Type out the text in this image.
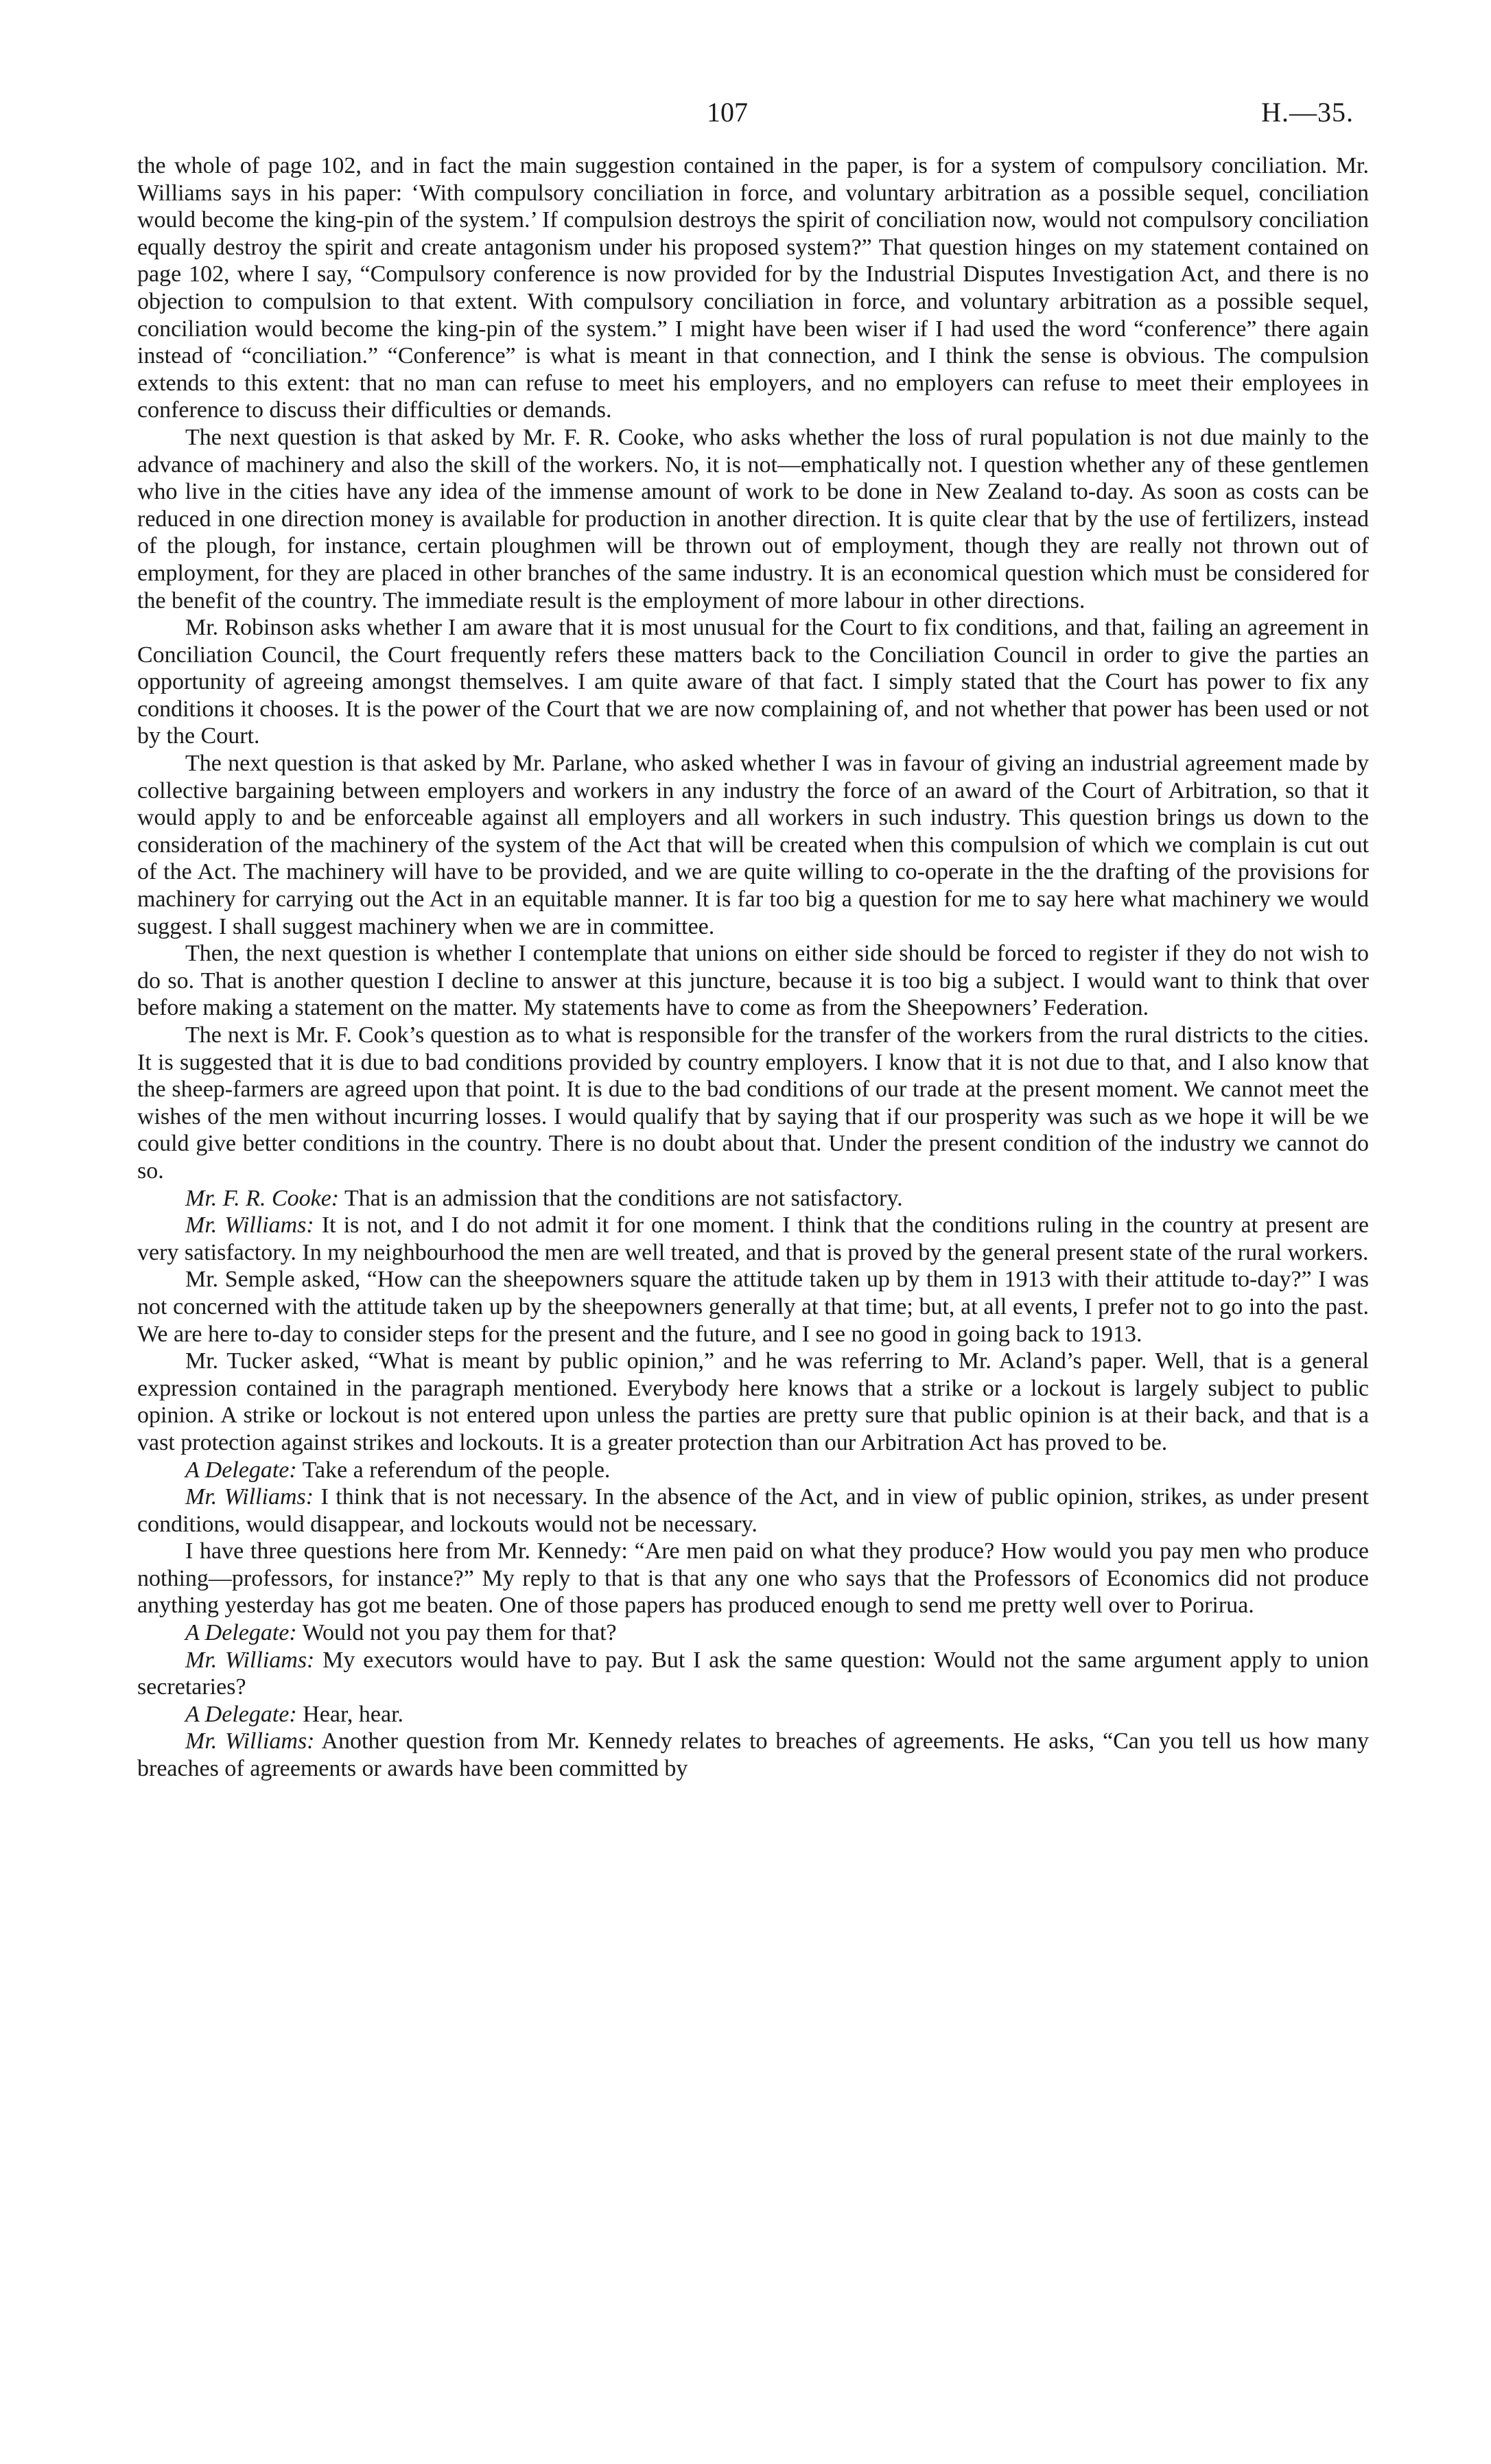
107	H.—35.

the whole of page 102, and in fact the main suggestion contained in the paper, is for a system of compulsory conciliation. Mr. Williams says in his paper: ‘With compulsory conciliation in force, and voluntary arbitration as a possible sequel, conciliation would become the king-pin of the system.’ If compulsion destroys the spirit of conciliation now, would not compulsory conciliation equally destroy the spirit and create antagonism under his proposed system?” That question hinges on my statement contained on page 102, where I say, “Compulsory conference is now provided for by the Industrial Disputes Investigation Act, and there is no objection to compulsion to that extent. With compulsory conciliation in force, and voluntary arbitration as a possible sequel, conciliation would become the king-pin of the system.” I might have been wiser if I had used the word “conference” there again instead of “conciliation.” “Conference” is what is meant in that connection, and I think the sense is obvious. The compulsion extends to this extent: that no man can refuse to meet his employers, and no employers can refuse to meet their employees in conference to discuss their difficulties or demands.

The next question is that asked by Mr. F. R. Cooke, who asks whether the loss of rural population is not due mainly to the advance of machinery and also the skill of the workers. No, it is not—emphatically not. I question whether any of these gentlemen who live in the cities have any idea of the immense amount of work to be done in New Zealand to-day. As soon as costs can be reduced in one direction money is available for production in another direction. It is quite clear that by the use of fertilizers, instead of the plough, for instance, certain ploughmen will be thrown out of employment, though they are really not thrown out of employment, for they are placed in other branches of the same industry. It is an economical question which must be considered for the benefit of the country. The immediate result is the employment of more labour in other directions.

Mr. Robinson asks whether I am aware that it is most unusual for the Court to fix conditions, and that, failing an agreement in Conciliation Council, the Court frequently refers these matters back to the Conciliation Council in order to give the parties an opportunity of agreeing amongst themselves. I am quite aware of that fact. I simply stated that the Court has power to fix any conditions it chooses. It is the power of the Court that we are now complaining of, and not whether that power has been used or not by the Court.

The next question is that asked by Mr. Parlane, who asked whether I was in favour of giving an industrial agreement made by collective bargaining between employers and workers in any industry the force of an award of the Court of Arbitration, so that it would apply to and be enforceable against all employers and all workers in such industry. This question brings us down to the consideration of the machinery of the system of the Act that will be created when this compulsion of which we complain is cut out of the Act. The machinery will have to be provided, and we are quite willing to co-operate in the the drafting of the provisions for machinery for carrying out the Act in an equitable manner. It is far too big a question for me to say here what machinery we would suggest. I shall suggest machinery when we are in committee.

Then, the next question is whether I contemplate that unions on either side should be forced to register if they do not wish to do so. That is another question I decline to answer at this juncture, because it is too big a subject. I would want to think that over before making a statement on the matter. My statements have to come as from the Sheepowners’ Federation.

The next is Mr. F. Cook’s question as to what is responsible for the transfer of the workers from the rural districts to the cities. It is suggested that it is due to bad conditions provided by country employers. I know that it is not due to that, and I also know that the sheep-farmers are agreed upon that point. It is due to the bad conditions of our trade at the present moment. We cannot meet the wishes of the men without incurring losses. I would qualify that by saying that if our prosperity was such as we hope it will be we could give better conditions in the country. There is no doubt about that. Under the present condition of the industry we cannot do so.

Mr. F. R. Cooke: That is an admission that the conditions are not satisfactory.

Mr. Williams: It is not, and I do not admit it for one moment. I think that the conditions ruling in the country at present are very satisfactory. In my neighbourhood the men are well treated, and that is proved by the general present state of the rural workers.

Mr. Semple asked, “How can the sheepowners square the attitude taken up by them in 1913 with their attitude to-day?” I was not concerned with the attitude taken up by the sheepowners generally at that time; but, at all events, I prefer not to go into the past. We are here to-day to consider steps for the present and the future, and I see no good in going back to 1913.

Mr. Tucker asked, “What is meant by public opinion,” and he was referring to Mr. Acland’s paper. Well, that is a general expression contained in the paragraph mentioned. Everybody here knows that a strike or a lockout is largely subject to public opinion. A strike or lockout is not entered upon unless the parties are pretty sure that public opinion is at their back, and that is a vast protection against strikes and lockouts. It is a greater protection than our Arbitration Act has proved to be.

A Delegate: Take a referendum of the people.

Mr. Williams: I think that is not necessary. In the absence of the Act, and in view of public opinion, strikes, as under present conditions, would disappear, and lockouts would not be necessary.

I have three questions here from Mr. Kennedy: “Are men paid on what they produce? How would you pay men who produce nothing—professors, for instance?” My reply to that is that any one who says that the Professors of Economics did not produce anything yesterday has got me beaten. One of those papers has produced enough to send me pretty well over to Porirua.

A Delegate: Would not you pay them for that?

Mr. Williams: My executors would have to pay. But I ask the same question: Would not the same argument apply to union secretaries?

A Delegate: Hear, hear.

Mr. Williams: Another question from Mr. Kennedy relates to breaches of agreements. He asks, “Can you tell us how many breaches of agreements or awards have been committed by
